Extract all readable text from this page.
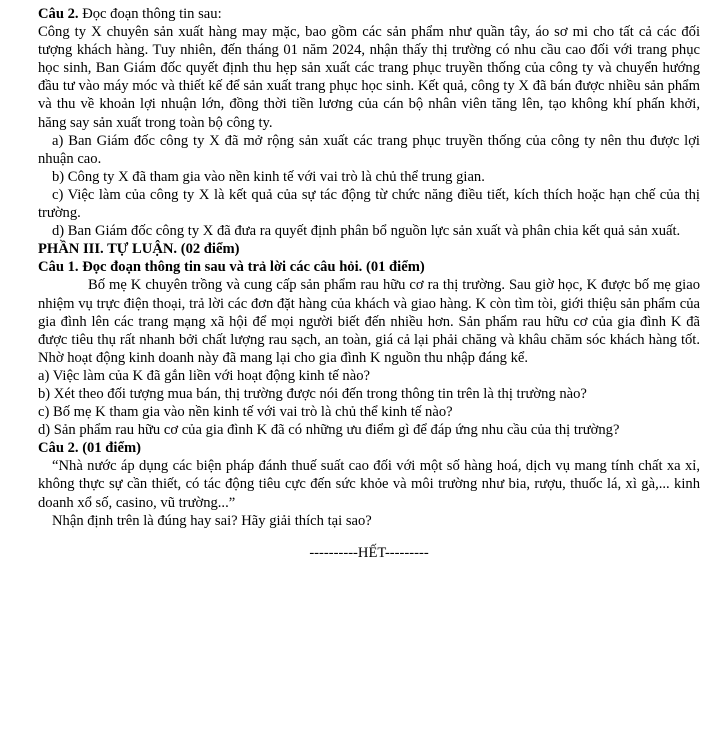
Câu 2. Đọc đoạn thông tin sau:

Công ty X chuyên sản xuất hàng may mặc, bao gồm các sản phẩm như quần tây, áo sơ mi cho tất cả các đối tượng khách hàng. Tuy nhiên, đến tháng 01 năm 2024, nhận thấy thị trường có nhu cầu cao đối với trang phục học sinh, Ban Giám đốc quyết định thu hẹp sản xuất các trang phục truyền thống của công ty và chuyển hướng đầu tư vào máy móc và thiết kế để sản xuất trang phục học sinh. Kết quả, công ty X đã bán được nhiều sản phẩm và thu về khoản lợi nhuận lớn, đồng thời tiền lương của cán bộ nhân viên tăng lên, tạo không khí phấn khởi, hăng say sản xuất trong toàn bộ công ty.

a) Ban Giám đốc công ty X đã mở rộng sản xuất các trang phục truyền thống của công ty nên thu được lợi nhuận cao.

b) Công ty X đã tham gia vào nền kinh tế với vai trò là chủ thể trung gian.

c) Việc làm của công ty X là kết quả của sự tác động từ chức năng điều tiết, kích thích hoặc hạn chế của thị trường.

d) Ban Giám đốc công ty X đã đưa ra quyết định phân bổ nguồn lực sản xuất và phân chia kết quả sản xuất.

PHẦN III. TỰ LUẬN. (02 điểm)

Câu 1. Đọc đoạn thông tin sau và trả lời các câu hỏi. (01 điểm)

Bố mẹ K chuyên trồng và cung cấp sản phẩm rau hữu cơ ra thị trường. Sau giờ học, K được bố mẹ giao nhiệm vụ trực điện thoại, trả lời các đơn đặt hàng của khách và giao hàng. K còn tìm tòi, giới thiệu sản phẩm của gia đình lên các trang mạng xã hội để mọi người biết đến nhiều hơn. Sản phẩm rau hữu cơ của gia đình K đã được tiêu thụ rất nhanh bởi chất lượng rau sạch, an toàn, giá cả lại phải chăng và khâu chăm sóc khách hàng tốt. Nhờ hoạt động kinh doanh này đã mang lại cho gia đình K nguồn thu nhập đáng kể.

a) Việc làm của K đã gắn liền với hoạt động kinh tế nào?

b) Xét theo đối tượng mua bán, thị trường được nói đến trong thông tin trên là thị trường nào?

c) Bố mẹ K tham gia vào nền kinh tế với vai trò là chủ thể kinh tế nào?

d) Sản phẩm rau hữu cơ của gia đình K đã có những ưu điểm gì để đáp ứng nhu cầu của thị trường?

Câu 2. (01 điểm)

“Nhà nước áp dụng các biện pháp đánh thuế suất cao đối với một số hàng hoá, dịch vụ mang tính chất xa xỉ, không thực sự cần thiết, có tác động tiêu cực đến sức khỏe và môi trường như bia, rượu, thuốc lá, xì gà,... kinh doanh xổ số, casino, vũ trường...”

Nhận định trên là đúng hay sai? Hãy giải thích tại sao?

----------HẾT---------
